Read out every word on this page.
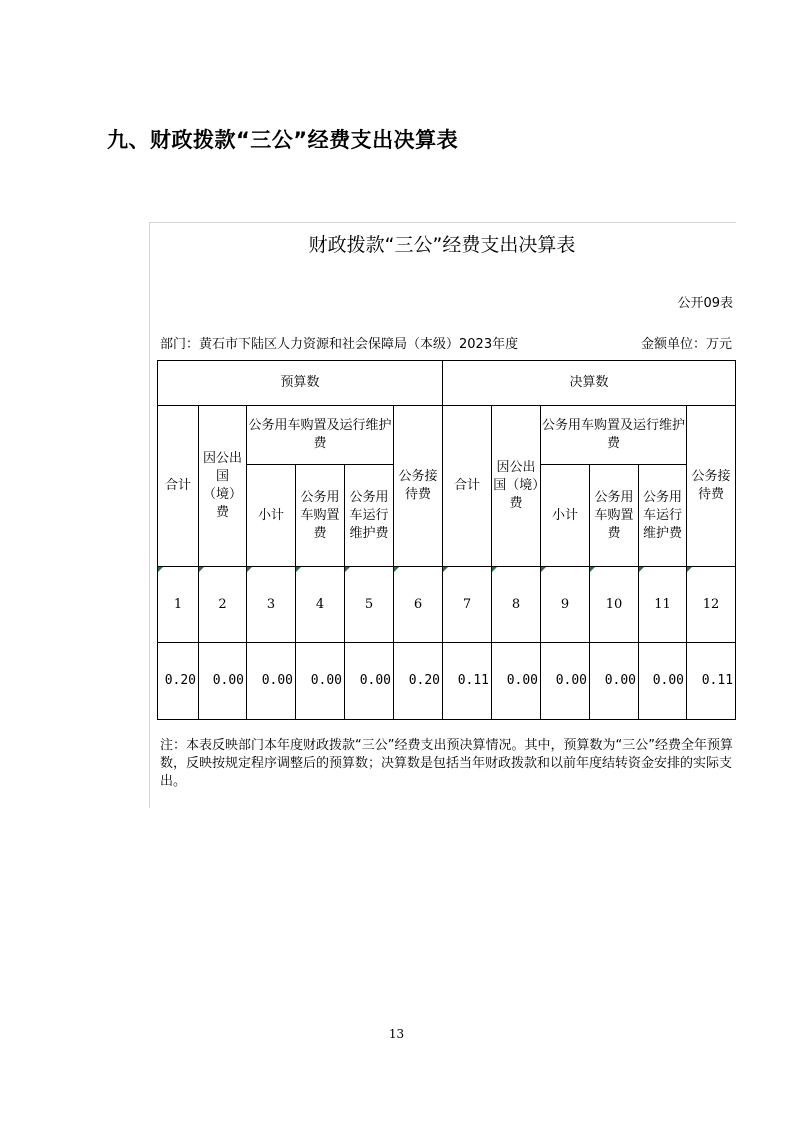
九、财政拨款“三公”经费支出决算表
财政拨款“三公”经费支出决算表
公开09表
部门：黄石市下陆区人力资源和社会保障局（本级）2023年度	金额单位：万元
预算数						决算数					
合计	因公出国（境）费	公务用车购置及运行维护费			公务接待费	合计	因公出国（境）费	公务用车购置及运行维护费			公务接待费
		小计	公务用车购置费	公务用车运行维护费				小计	公务用车购置费	公务用车运行维护费	

1	2	3	4	5	6	7	8	9	10	11	12
0.20	0.00	0.00	0.00	0.00	0.20	0.11	0.00	0.00	0.00	0.00	0.11
注：本表反映部门本年度财政拨款“三公”经费支出预决算情况。其中，预算数为“三公”经费全年预算数，反映按规定程序调整后的预算数；决算数是包括当年财政拨款和以前年度结转资金安排的实际支出。
13
